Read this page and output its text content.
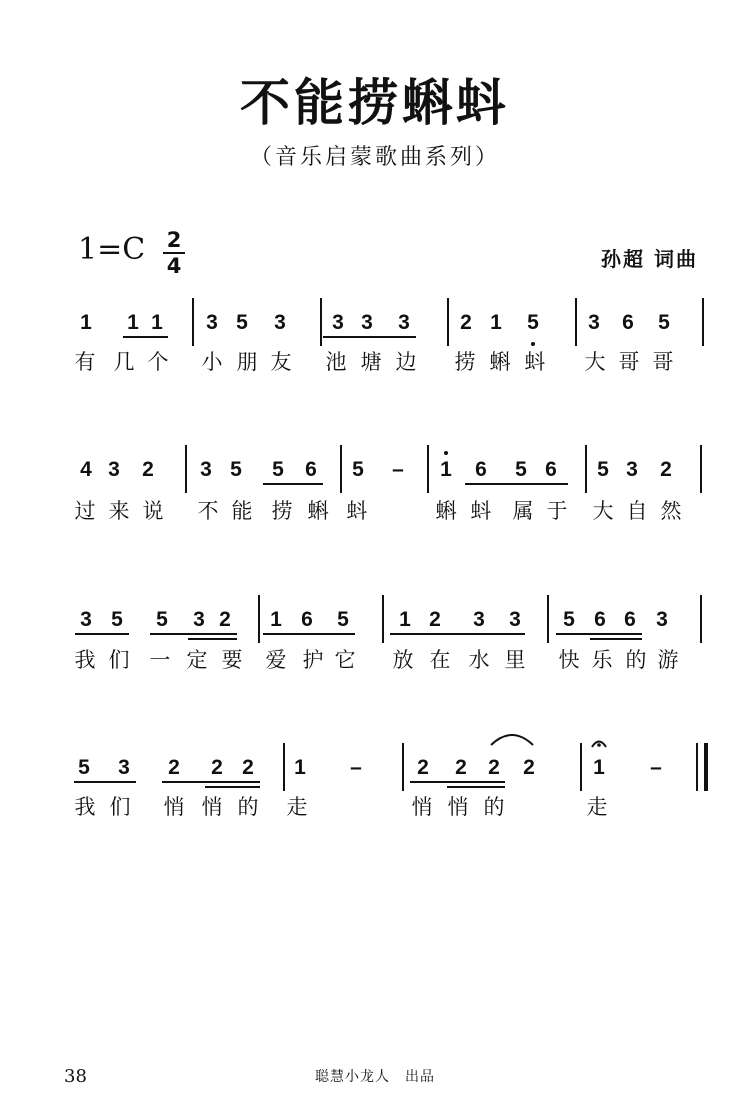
不能捞蝌蚪
（音乐启蒙歌曲系列）
1=C 2
4	孙超 词曲
1 1 1 3 5 3 3 3 3 2 1 5 3 6 5
有 几 个 小 朋 友 池 塘 边 捞 蝌 蚪 大 哥 哥
4 3 2 3 5 5 6 5 – 1 6 5 6 5 3 2
过 来 说 不 能 捞 蝌 蚪	蝌 蚪 属 于 大 自 然
3 5 5 3 2 1 6 5 1 2 3 3 5 6 6 3
我 们 一 定 要 爱 护 它 放 在 水 里 快 乐 的 游
5 3 2 2 2 1 –	2 2 2 2	1 –
我 们 悄 悄 的 走	悄 悄 的	走
38	聪慧小龙人　出品
